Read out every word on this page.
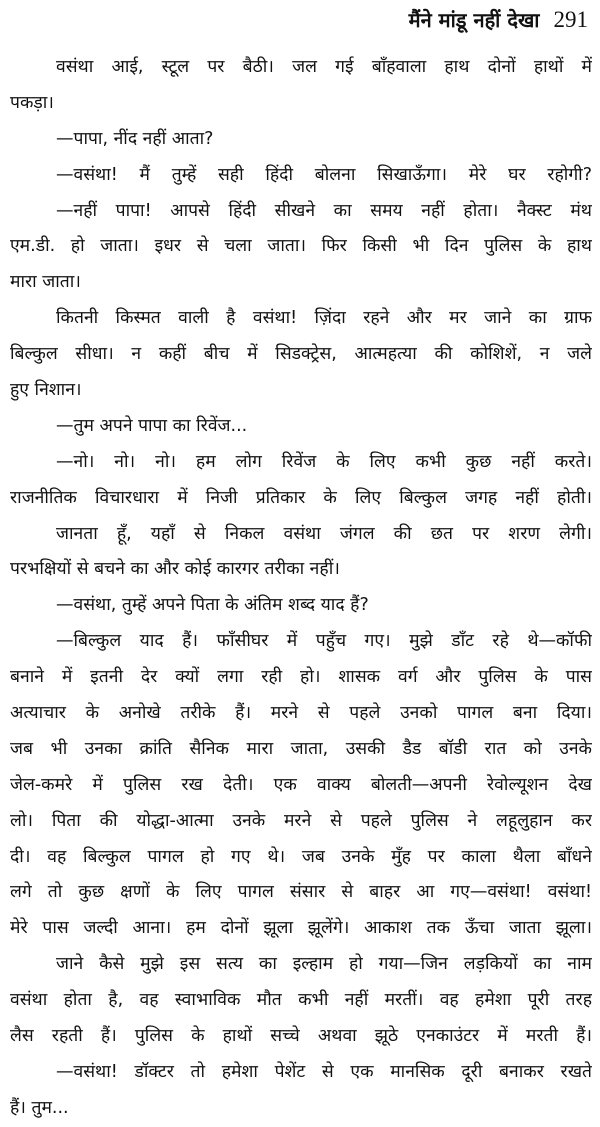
मैंने मांडू नहीं देखा 291
वसंथा आई, स्टूल पर बैठी। जल गई बाँहवाला हाथ दोनों हाथों में
पकड़ा।
—पापा, नींद नहीं आता?
—वसंथा! मैं तुम्हें सही हिंदी बोलना सिखाऊँगा। मेरे घर रहोगी?
—नहीं पापा! आपसे हिंदी सीखने का समय नहीं होता। नैक्स्ट मंथ
एम.डी. हो जाता। इधर से चला जाता। फिर किसी भी दिन पुलिस के हाथ
मारा जाता।
कितनी किस्मत वाली है वसंथा! ज़िंदा रहने और मर जाने का ग्राफ
बिल्कुल सीधा। न कहीं बीच में सिडक्ट्रेस, आत्महत्या की कोशिशें, न जले
हुए निशान।
—तुम अपने पापा का रिवेंज...
—नो। नो। नो। हम लोग रिवेंज के लिए कभी कुछ नहीं करते।
राजनीतिक विचारधारा में निजी प्रतिकार के लिए बिल्कुल जगह नहीं होती।
जानता हूँ, यहाँ से निकल वसंथा जंगल की छत पर शरण लेगी।
परभक्षियों से बचने का और कोई कारगर तरीका नहीं।
—वसंथा, तुम्हें अपने पिता के अंतिम शब्द याद हैं?
—बिल्कुल याद हैं। फाँसीघर में पहुँच गए। मुझे डाँट रहे थे—कॉफी
बनाने में इतनी देर क्यों लगा रही हो। शासक वर्ग और पुलिस के पास
अत्याचार के अनोखे तरीके हैं। मरने से पहले उनको पागल बना दिया।
जब भी उनका क्रांति सैनिक मारा जाता, उसकी डैड बॉडी रात को उनके
जेल-कमरे में पुलिस रख देती। एक वाक्य बोलती—अपनी रेवोल्यूशन देख
लो। पिता की योद्धा-आत्मा उनके मरने से पहले पुलिस ने लहूलुहान कर
दी। वह बिल्कुल पागल हो गए थे। जब उनके मुँह पर काला थैला बाँधने
लगे तो कुछ क्षणों के लिए पागल संसार से बाहर आ गए—वसंथा! वसंथा!
मेरे पास जल्दी आना। हम दोनों झूला झूलेंगे। आकाश तक ऊँचा जाता झूला।
जाने कैसे मुझे इस सत्य का इल्हाम हो गया—जिन लड़कियों का नाम
वसंथा होता है, वह स्वाभाविक मौत कभी नहीं मरतीं। वह हमेशा पूरी तरह
लैस रहती हैं। पुलिस के हाथों सच्चे अथवा झूठे एनकाउंटर में मरती हैं।
—वसंथा! डॉक्टर तो हमेशा पेशेंट से एक मानसिक दूरी बनाकर रखते
हैं। तुम...
